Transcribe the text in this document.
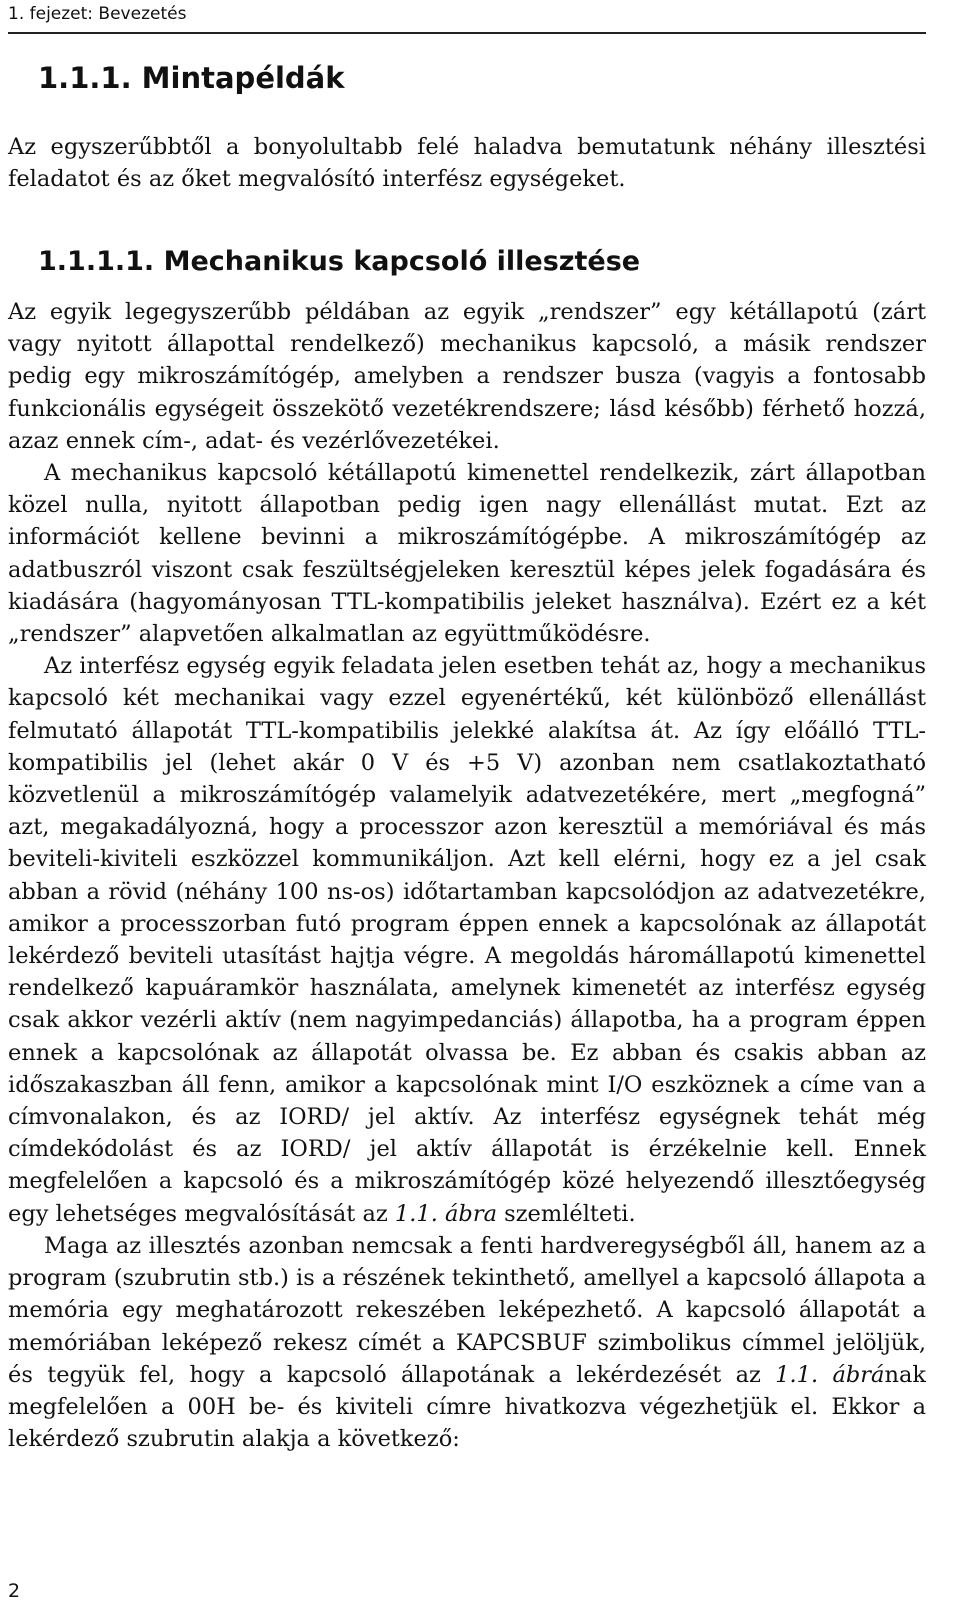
1. fejezet: Bevezetés
1.1.1. Mintapéldák
Az egyszerűbbtől a bonyolultabb felé haladva bemutatunk néhány illesztési feladatot és az őket megvalósító interfész egységeket.
1.1.1.1. Mechanikus kapcsoló illesztése

Az egyik legegyszerűbb példában az egyik „rendszer” egy kétállapotú (zárt vagy nyitott állapottal rendelkező) mechanikus kapcsoló, a másik rendszer pedig egy mikroszámítógép, amelyben a rendszer busza (vagyis a fontosabb funkcionális egységeit összekötő vezetékrendszere; lásd később) férhető hozzá, azaz ennek cím-, adat- és vezérlővezetékei.

A mechanikus kapcsoló kétállapotú kimenettel rendelkezik, zárt állapotban közel nulla, nyitott állapotban pedig igen nagy ellenállást mutat. Ezt az információt kellene bevinni a mikroszámítógépbe. A mikroszámítógép az adatbuszról viszont csak feszültségjeleken keresztül képes jelek fogadására és kiadására (hagyományosan TTL-kompatibilis jeleket használva). Ezért ez a két „rendszer” alapvetően alkalmatlan az együttműködésre.

Az interfész egység egyik feladata jelen esetben tehát az, hogy a mechanikus kapcsoló két mechanikai vagy ezzel egyenértékű, két különböző ellenállást felmutató állapotát TTL-kompatibilis jelekké alakítsa át. Az így előálló TTL-kompatibilis jel (lehet akár 0 V és +5 V) azonban nem csatlakoztatható közvetlenül a mikroszámítógép valamelyik adatvezetékére, mert „megfogná” azt, megakadályozná, hogy a processzor azon keresztül a memóriával és más beviteli-kiviteli eszközzel kommunikáljon. Azt kell elérni, hogy ez a jel csak abban a rövid (néhány 100 ns-os) időtartamban kapcsolódjon az adatvezetékre, amikor a processzorban futó program éppen ennek a kapcsolónak az állapotát lekérdező beviteli utasítást hajtja végre. A megoldás háromállapotú kimenettel rendelkező kapuáramkör használata, amelynek kimenetét az interfész egység csak akkor vezérli aktív (nem nagyimpedanciás) állapotba, ha a program éppen ennek a kapcsolónak az állapotát olvassa be. Ez abban és csakis abban az időszakaszban áll fenn, amikor a kapcsolónak mint I/O eszköznek a címe van a címvonalakon, és az IORD/ jel aktív. Az interfész egységnek tehát még címdekódolást és az IORD/ jel aktív állapotát is érzékelnie kell. Ennek megfelelően a kapcsoló és a mikroszámítógép közé helyezendő illesztőegység egy lehetséges megvalósítását az 1.1. ábra szemlélteti.

Maga az illesztés azonban nemcsak a fenti hardveregységből áll, hanem az a program (szubrutin stb.) is a részének tekinthető, amellyel a kapcsoló állapota a memória egy meghatározott rekeszében leképezhető. A kapcsoló állapotát a memóriában leképező rekesz címét a KAPCSBUF szimbolikus címmel jelöljük, és tegyük fel, hogy a kapcsoló állapotának a lekérdezését az 1.1. ábrának megfelelően a 00H be- és kiviteli címre hivatkozva végezhetjük el. Ekkor a lekérdező szubrutin alakja a következő:

2
